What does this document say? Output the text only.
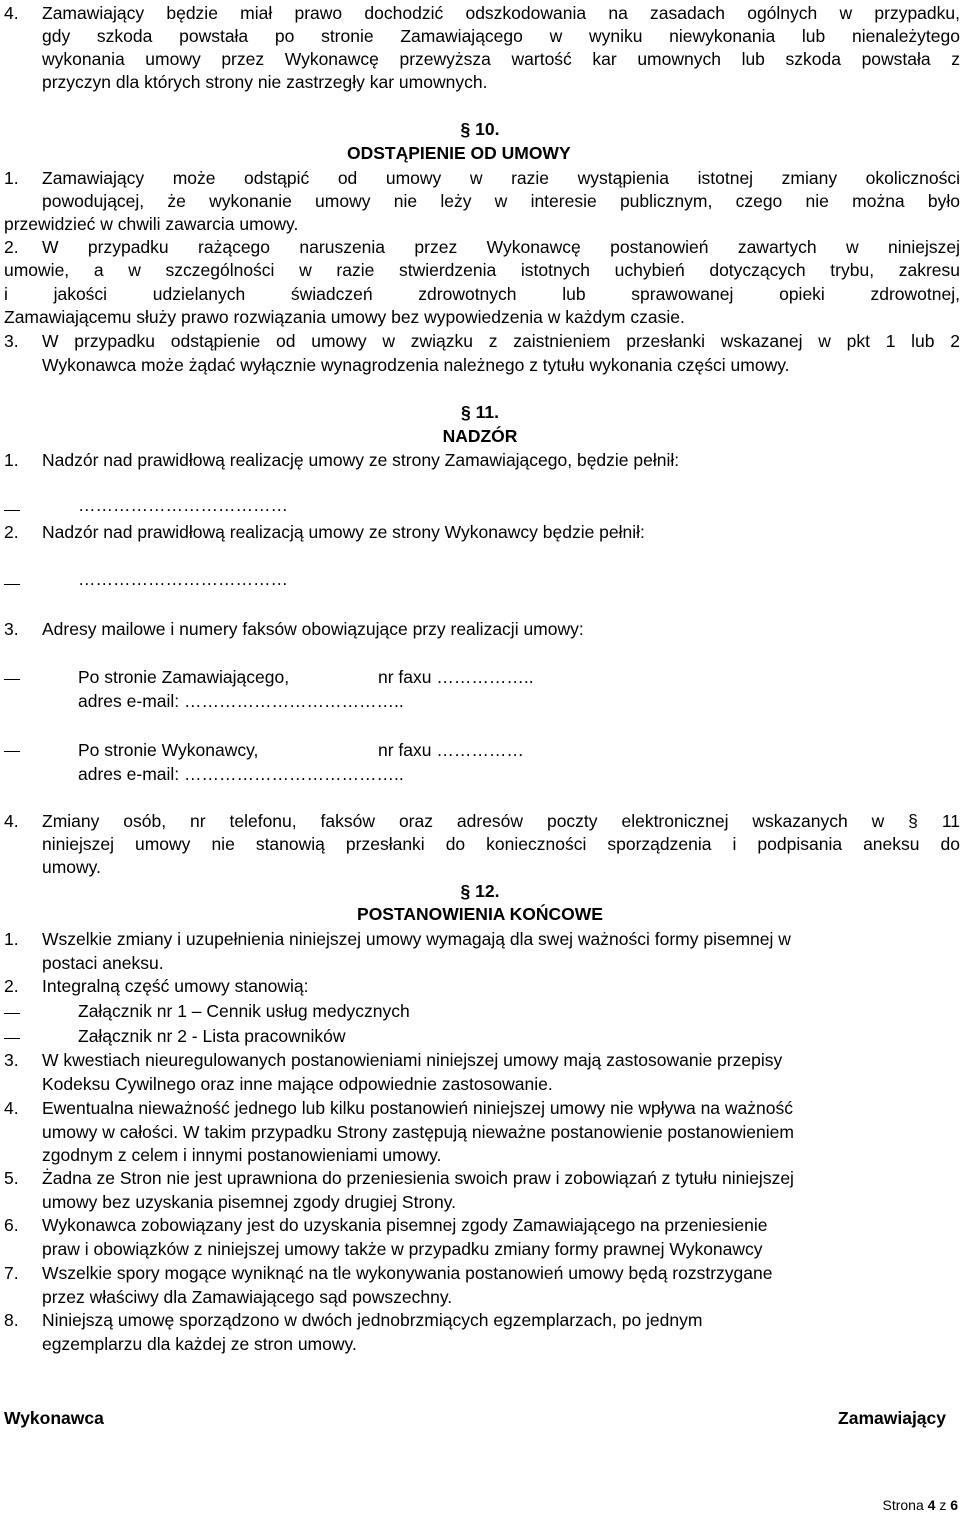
4. Zamawiający będzie miał prawo dochodzić odszkodowania na zasadach ogólnych w przypadku,
gdy szkoda powstała po stronie Zamawiającego w wyniku niewykonania lub nienależytego
wykonania umowy przez Wykonawcę przewyższa wartość kar umownych lub szkoda powstała z
przyczyn dla których strony nie zastrzegły kar umownych.
§ 10.
ODSTĄPIENIE OD UMOWY
1. Zamawiający może odstąpić od umowy w razie wystąpienia istotnej zmiany okoliczności
powodującej, że wykonanie umowy nie leży w interesie publicznym, czego nie można było
przewidzieć w chwili zawarcia umowy.
2. W przypadku rażącego naruszenia przez Wykonawcę postanowień zawartych w niniejszej
umowie, a w szczególności w razie stwierdzenia istotnych uchybień dotyczących trybu, zakresu
i jakości udzielanych świadczeń zdrowotnych lub sprawowanej opieki zdrowotnej,
Zamawiającemu służy prawo rozwiązania umowy bez wypowiedzenia w każdym czasie.
3. W przypadku odstąpienie od umowy w związku z zaistnieniem przesłanki wskazanej w pkt 1 lub 2
Wykonawca może żądać wyłącznie wynagrodzenia należnego z tytułu wykonania części umowy.
§ 11.
NADZÓR
1. Nadzór nad prawidłową realizację umowy ze strony Zamawiającego, będzie pełnił:
………………………………
2. Nadzór nad prawidłową realizacją umowy ze strony Wykonawcy będzie pełnił:
………………………………
3. Adresy mailowe i numery faksów obowiązujące przy realizacji umowy:
Po stronie Zamawiającego,	nr faxu ……………..
adres e-mail: ………………………………..
Po stronie Wykonawcy,	nr faxu ……………
adres e-mail: ………………………………..
4. Zmiany osób, nr telefonu, faksów oraz adresów poczty elektronicznej wskazanych w § 11
niniejszej umowy nie stanowią przesłanki do konieczności sporządzenia i podpisania aneksu do
umowy.
§ 12.
POSTANOWIENIA KOŃCOWE
1. Wszelkie zmiany i uzupełnienia niniejszej umowy wymagają dla swej ważności formy pisemnej w
postaci aneksu.
2. Integralną część umowy stanowią:
Załącznik nr 1 – Cennik usług medycznych
Załącznik nr 2 - Lista pracowników
3. W kwestiach nieuregulowanych postanowieniami niniejszej umowy mają zastosowanie przepisy
Kodeksu Cywilnego oraz inne mające odpowiednie zastosowanie.
4. Ewentualna nieważność jednego lub kilku postanowień niniejszej umowy nie wpływa na ważność
umowy w całości. W takim przypadku Strony zastępują nieważne postanowienie postanowieniem
zgodnym z celem i innymi postanowieniami umowy.
5. Żadna ze Stron nie jest uprawniona do przeniesienia swoich praw i zobowiązań z tytułu niniejszej
umowy bez uzyskania pisemnej zgody drugiej Strony.
6. Wykonawca zobowiązany jest do uzyskania pisemnej zgody Zamawiającego na przeniesienie
praw i obowiązków z niniejszej umowy także w przypadku zmiany formy prawnej Wykonawcy
7. Wszelkie spory mogące wyniknąć na tle wykonywania postanowień umowy będą rozstrzygane
przez właściwy dla Zamawiającego sąd powszechny.
8. Niniejszą umowę sporządzono w dwóch jednobrzmiących egzemplarzach, po jednym
egzemplarzu dla każdej ze stron umowy.
Wykonawca	Zamawiający
Strona 4 z 6
